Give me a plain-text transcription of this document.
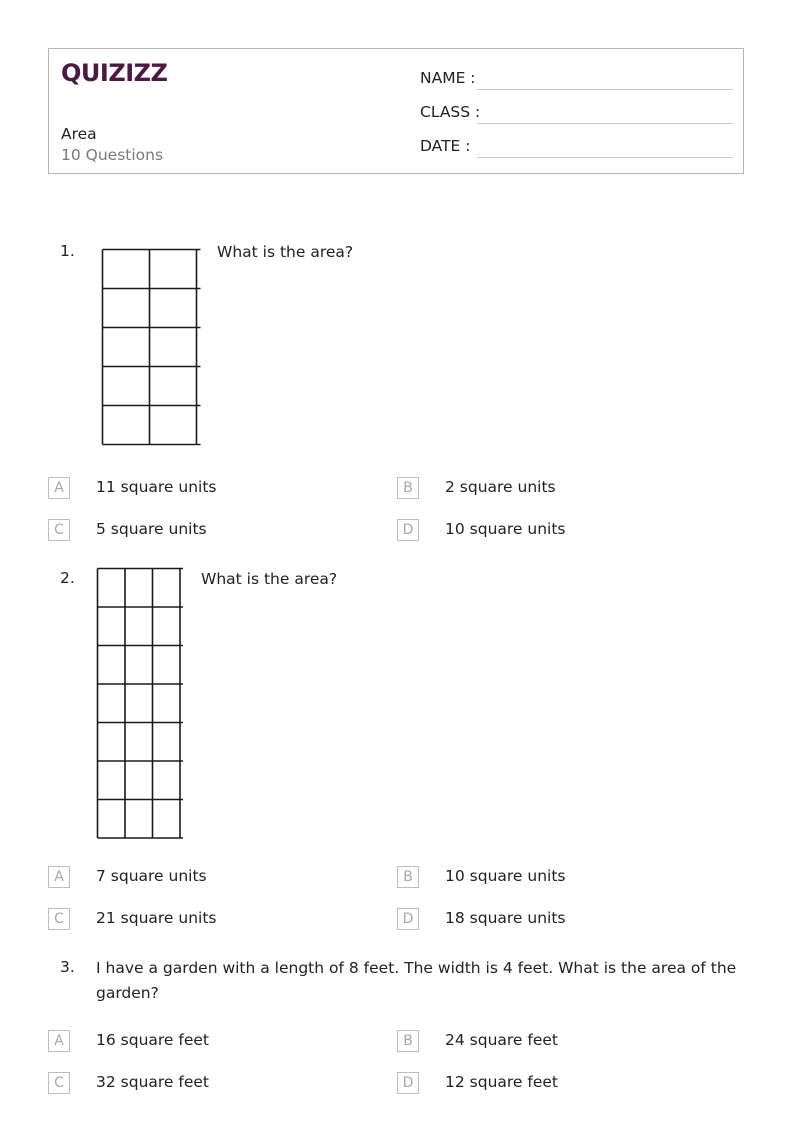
QUIZIZZ
Area
10 Questions
NAME :
CLASS :
DATE :
1.	What is the area?
A	11 square units	B	2 square units
C	5 square units	D	10 square units
2.	What is the area?
A	7 square units	B	10 square units
C	21 square units	D	18 square units
3. I have a garden with a length of 8 feet. The width is 4 feet. What is the area of the
garden?
A	16 square feet	B	24 square feet
C	32 square feet	D	12 square feet
